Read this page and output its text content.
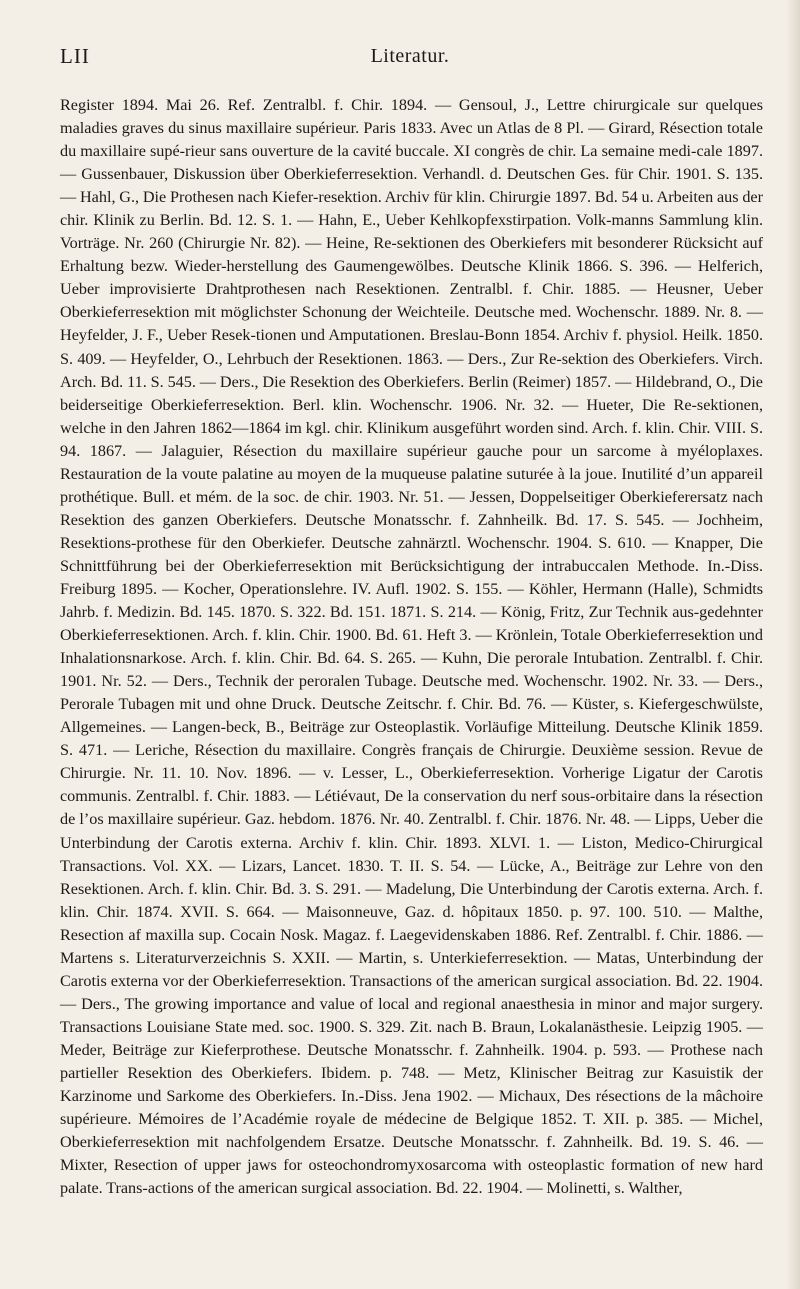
LII	Literatur.

Register 1894. Mai 26. Ref. Zentralbl. f. Chir. 1894. — Gensoul, J., Lettre chirurgicale sur quelques maladies graves du sinus maxillaire supérieur. Paris 1833. Avec un Atlas de 8 Pl. — Girard, Résection totale du maxillaire supé-rieur sans ouverture de la cavité buccale. XI congrès de chir. La semaine medi-cale 1897. — Gussenbauer, Diskussion über Oberkieferresektion. Verhandl. d. Deutschen Ges. für Chir. 1901. S. 135. — Hahl, G., Die Prothesen nach Kiefer-resektion. Archiv für klin. Chirurgie 1897. Bd. 54 u. Arbeiten aus der chir. Klinik zu Berlin. Bd. 12. S. 1. — Hahn, E., Ueber Kehlkopfexstirpation. Volk-manns Sammlung klin. Vorträge. Nr. 260 (Chirurgie Nr. 82). — Heine, Re-sektionen des Oberkiefers mit besonderer Rücksicht auf Erhaltung bezw. Wieder-herstellung des Gaumengewölbes. Deutsche Klinik 1866. S. 396. — Helferich, Ueber improvisierte Drahtprothesen nach Resektionen. Zentralbl. f. Chir. 1885. — Heusner, Ueber Oberkieferresektion mit möglichster Schonung der Weichteile. Deutsche med. Wochenschr. 1889. Nr. 8. — Heyfelder, J. F., Ueber Resek-tionen und Amputationen. Breslau-Bonn 1854. Archiv f. physiol. Heilk. 1850. S. 409. — Heyfelder, O., Lehrbuch der Resektionen. 1863. — Ders., Zur Re-sektion des Oberkiefers. Virch. Arch. Bd. 11. S. 545. — Ders., Die Resektion des Oberkiefers. Berlin (Reimer) 1857. — Hildebrand, O., Die beiderseitige Oberkieferresektion. Berl. klin. Wochenschr. 1906. Nr. 32. — Hueter, Die Re-sektionen, welche in den Jahren 1862—1864 im kgl. chir. Klinikum ausgeführt worden sind. Arch. f. klin. Chir. VIII. S. 94. 1867. — Jalaguier, Résection du maxillaire supérieur gauche pour un sarcome à myéloplaxes. Restauration de la voute palatine au moyen de la muqueuse palatine suturée à la joue. Inutilité d’un appareil prothétique. Bull. et mém. de la soc. de chir. 1903. Nr. 51. — Jessen, Doppelseitiger Oberkieferersatz nach Resektion des ganzen Oberkiefers. Deutsche Monatsschr. f. Zahnheilk. Bd. 17. S. 545. — Jochheim, Resektions-prothese für den Oberkiefer. Deutsche zahnärztl. Wochenschr. 1904. S. 610. — Knapper, Die Schnittführung bei der Oberkieferresektion mit Berücksichtigung der intrabuccalen Methode. In.-Diss. Freiburg 1895. — Kocher, Operationslehre. IV. Aufl. 1902. S. 155. — Köhler, Hermann (Halle), Schmidts Jahrb. f. Medizin. Bd. 145. 1870. S. 322. Bd. 151. 1871. S. 214. — König, Fritz, Zur Technik aus-gedehnter Oberkieferresektionen. Arch. f. klin. Chir. 1900. Bd. 61. Heft 3. — Krönlein, Totale Oberkieferresektion und Inhalationsnarkose. Arch. f. klin. Chir. Bd. 64. S. 265. — Kuhn, Die perorale Intubation. Zentralbl. f. Chir. 1901. Nr. 52. — Ders., Technik der peroralen Tubage. Deutsche med. Wochenschr. 1902. Nr. 33. — Ders., Perorale Tubagen mit und ohne Druck. Deutsche Zeitschr. f. Chir. Bd. 76. — Küster, s. Kiefergeschwülste, Allgemeines. — Langen-beck, B., Beiträge zur Osteoplastik. Vorläufige Mitteilung. Deutsche Klinik 1859. S. 471. — Leriche, Résection du maxillaire. Congrès français de Chirurgie. Deuxième session. Revue de Chirurgie. Nr. 11. 10. Nov. 1896. — v. Lesser, L., Oberkieferresektion. Vorherige Ligatur der Carotis communis. Zentralbl. f. Chir. 1883. — Létiévaut, De la conservation du nerf sous-orbitaire dans la résection de l’os maxillaire supérieur. Gaz. hebdom. 1876. Nr. 40. Zentralbl. f. Chir. 1876. Nr. 48. — Lipps, Ueber die Unterbindung der Carotis externa. Archiv f. klin. Chir. 1893. XLVI. 1. — Liston, Medico-Chirurgical Transactions. Vol. XX. — Lizars, Lancet. 1830. T. II. S. 54. — Lücke, A., Beiträge zur Lehre von den Resektionen. Arch. f. klin. Chir. Bd. 3. S. 291. — Madelung, Die Unterbindung der Carotis externa. Arch. f. klin. Chir. 1874. XVII. S. 664. — Maisonneuve, Gaz. d. hôpitaux 1850. p. 97. 100. 510. — Malthe, Resection af maxilla sup. Cocain Nosk. Magaz. f. Laegevidenskaben 1886. Ref. Zentralbl. f. Chir. 1886. — Martens s. Literaturverzeichnis S. XXII. — Martin, s. Unterkieferresektion. — Matas, Unterbindung der Carotis externa vor der Oberkieferresektion. Transactions of the american surgical association. Bd. 22. 1904. — Ders., The growing importance and value of local and regional anaesthesia in minor and major surgery. Transactions Louisiane State med. soc. 1900. S. 329. Zit. nach B. Braun, Lokalanästhesie. Leipzig 1905. — Meder, Beiträge zur Kieferprothese. Deutsche Monatsschr. f. Zahnheilk. 1904. p. 593. — Prothese nach partieller Resektion des Oberkiefers. Ibidem. p. 748. — Metz, Klinischer Beitrag zur Kasuistik der Karzinome und Sarkome des Oberkiefers. In.-Diss. Jena 1902. — Michaux, Des résections de la mâchoire supérieure. Mémoires de l’Académie royale de médecine de Belgique 1852. T. XII. p. 385. — Michel, Oberkieferresektion mit nachfolgendem Ersatze. Deutsche Monatsschr. f. Zahnheilk. Bd. 19. S. 46. — Mixter, Resection of upper jaws for osteochondromyxosarcoma with osteoplastic formation of new hard palate. Trans-actions of the american surgical association. Bd. 22. 1904. — Molinetti, s. Walther,
